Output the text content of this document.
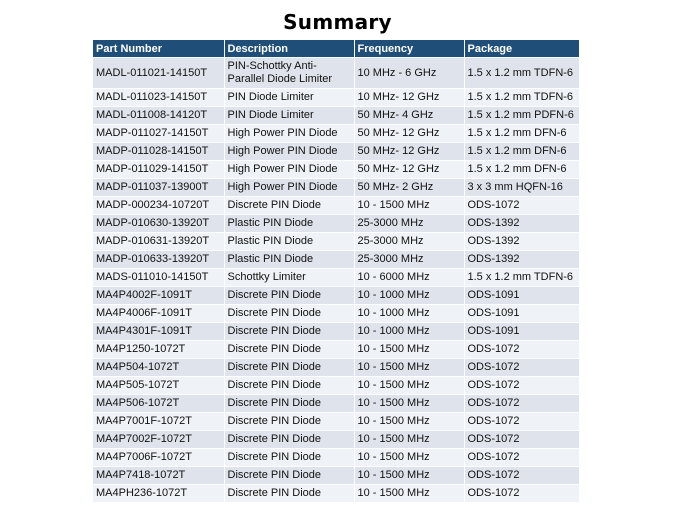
Summary
Part Number	Description	Frequency	Package
MADL-011021-14150T	PIN-Schottky Anti-Parallel Diode Limiter	10 MHz - 6 GHz	1.5 x 1.2 mm TDFN-6
MADL-011023-14150T	PIN Diode Limiter	10 MHz- 12 GHz	1.5 x 1.2 mm TDFN-6
MADL-011008-14120T	PIN Diode Limiter	50 MHz- 4 GHz	1.5 x 1.2 mm PDFN-6
MADP-011027-14150T	High Power PIN Diode	50 MHz- 12 GHz	1.5 x 1.2 mm DFN-6
MADP-011028-14150T	High Power PIN Diode	50 MHz- 12 GHz	1.5 x 1.2 mm DFN-6
MADP-011029-14150T	High Power PIN Diode	50 MHz- 12 GHz	1.5 x 1.2 mm DFN-6
MADP-011037-13900T	High Power PIN Diode	50 MHz- 2 GHz	3 x 3 mm HQFN-16
MADP-000234-10720T	Discrete PIN Diode	10 - 1500 MHz	ODS-1072
MADP-010630-13920T	Plastic PIN Diode	25-3000 MHz	ODS-1392
MADP-010631-13920T	Plastic PIN Diode	25-3000 MHz	ODS-1392
MADP-010633-13920T	Plastic PIN Diode	25-3000 MHz	ODS-1392
MADS-011010-14150T	Schottky Limiter	10 - 6000 MHz	1.5 x 1.2 mm TDFN-6
MA4P4002F-1091T	Discrete PIN Diode	10 - 1000 MHz	ODS-1091
MA4P4006F-1091T	Discrete PIN Diode	10 - 1000 MHz	ODS-1091
MA4P4301F-1091T	Discrete PIN Diode	10 - 1000 MHz	ODS-1091
MA4P1250-1072T	Discrete PIN Diode	10 - 1500 MHz	ODS-1072
MA4P504-1072T	Discrete PIN Diode	10 - 1500 MHz	ODS-1072
MA4P505-1072T	Discrete PIN Diode	10 - 1500 MHz	ODS-1072
MA4P506-1072T	Discrete PIN Diode	10 - 1500 MHz	ODS-1072
MA4P7001F-1072T	Discrete PIN Diode	10 - 1500 MHz	ODS-1072
MA4P7002F-1072T	Discrete PIN Diode	10 - 1500 MHz	ODS-1072
MA4P7006F-1072T	Discrete PIN Diode	10 - 1500 MHz	ODS-1072
MA4P7418-1072T	Discrete PIN Diode	10 - 1500 MHz	ODS-1072
MA4PH236-1072T	Discrete PIN Diode	10 - 1500 MHz	ODS-1072
